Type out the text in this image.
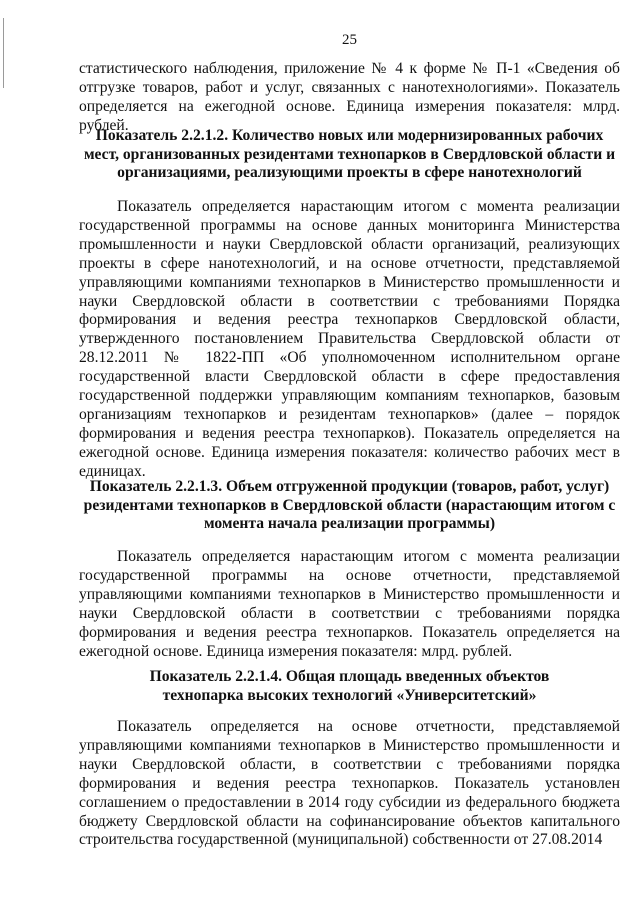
25

статистического наблюдения, приложение № 4 к форме № П-1 «Сведения об отгрузке товаров, работ и услуг, связанных с нанотехнологиями». Показатель определяется на ежегодной основе. Единица измерения показателя: млрд. рублей.

Показатель 2.2.1.2. Количество новых или модернизированных рабочих мест, организованных резидентами технопарков в Свердловской области и организациями, реализующими проекты в сфере нанотехнологий

Показатель определяется нарастающим итогом с момента реализации государственной программы на основе данных мониторинга Министерства промышленности и науки Свердловской области организаций, реализующих проекты в сфере нанотехнологий, и на основе отчетности, представляемой управляющими компаниями технопарков в Министерство промышленности и науки Свердловской области в соответствии с требованиями Порядка формирования и ведения реестра технопарков Свердловской области, утвержденного постановлением Правительства Свердловской области от 28.12.2011 № 1822-ПП «Об уполномоченном исполнительном органе государственной власти Свердловской области в сфере предоставления государственной поддержки управляющим компаниям технопарков, базовым организациям технопарков и резидентам технопарков» (далее – порядок формирования и ведения реестра технопарков). Показатель определяется на ежегодной основе. Единица измерения показателя: количество рабочих мест в единицах.

Показатель 2.2.1.3. Объем отгруженной продукции (товаров, работ, услуг) резидентами технопарков в Свердловской области (нарастающим итогом с момента начала реализации программы)

Показатель определяется нарастающим итогом с момента реализации государственной программы на основе отчетности, представляемой управляющими компаниями технопарков в Министерство промышленности и науки Свердловской области в соответствии с требованиями порядка формирования и ведения реестра технопарков. Показатель определяется на ежегодной основе. Единица измерения показателя: млрд. рублей.

Показатель 2.2.1.4. Общая площадь введенных объектов технопарка высоких технологий «Университетский»

Показатель определяется на основе отчетности, представляемой управляющими компаниями технопарков в Министерство промышленности и науки Свердловской области, в соответствии с требованиями порядка формирования и ведения реестра технопарков. Показатель установлен соглашением о предоставлении в 2014 году субсидии из федерального бюджета бюджету Свердловской области на софинансирование объектов капитального строительства государственной (муниципальной) собственности от 27.08.2014
